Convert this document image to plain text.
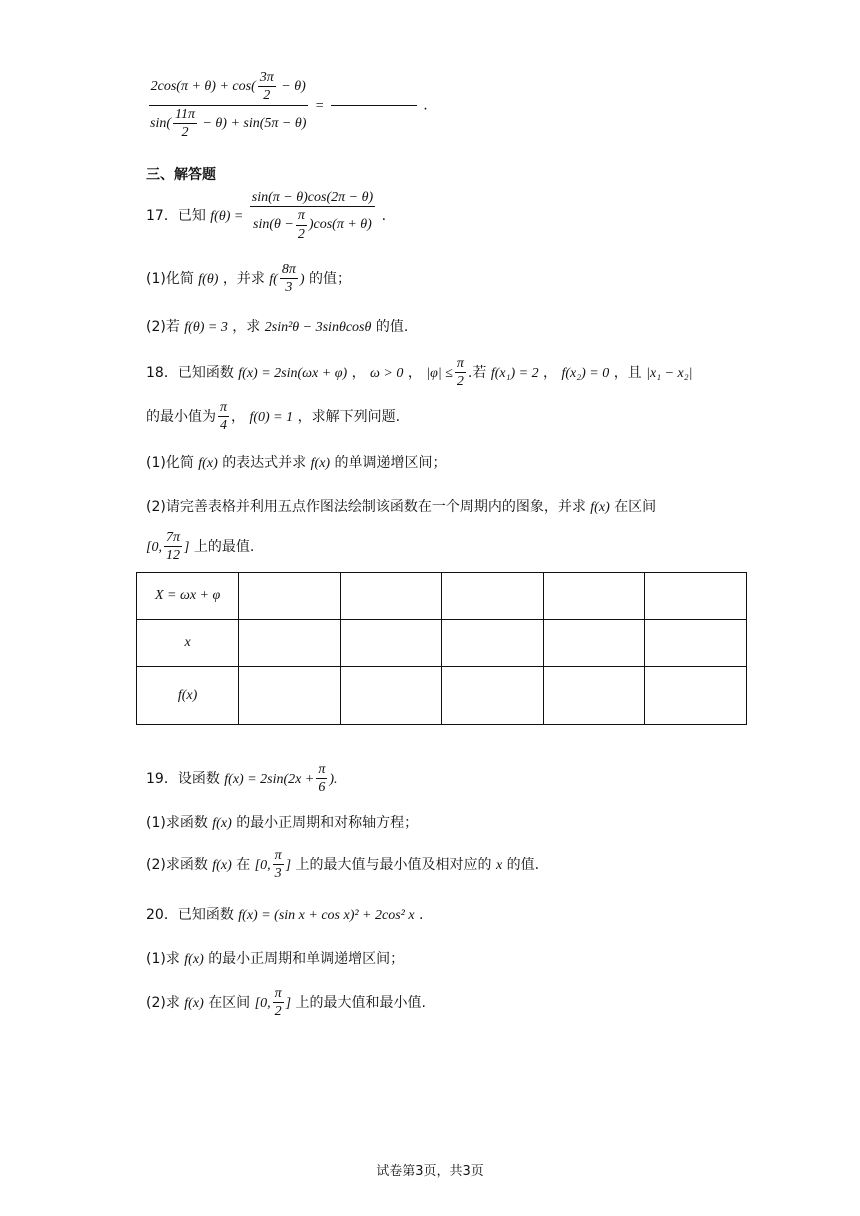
$\frac{2\cos(\pi + \theta) + \cos( \frac{3\pi}{2} - \theta)}{\sin( \frac{11\pi}{2} - \theta) + \sin(5\pi - \theta)}$ =	.
三、解答题
17．已知 $f(\theta) = \frac{\sin(\pi - \theta)\cos(2\pi - \theta)}{\sin(\theta - \frac{\pi}{2} )\cos(\pi + \theta)}$ .
(1)化简 f(θ) ，并求 $f( \frac{8\pi}{3}$ ) 的值；
(2)若 f(θ) = 3 ，求 2sin²θ − 3sinθcosθ 的值.
18．已知函数 f(x) = 2sin(ωx + φ) ， ω > 0 ， $|\varphi| \le \frac{\pi}{2}$ .若 f(x₁) = 2 ， f(x₂) = 0 ，且 |x₁ − x₂|
的最小值为 $\frac{\pi}{4}$ ， f(0) = 1 ，求解下列问题.
(1)化简 f(x) 的表达式并求 f(x) 的单调递增区间；
(2)请完善表格并利用五点作图法绘制该函数在一个周期内的图象，并求 f(x) 在区间
[0, $\frac{7\pi}{12}$ ] 上的最值.
X = ωx + φ					
x					
f(x)					
19．设函数 $f(x) = 2\sin(2x + \frac{\pi}{6}$ ).
(1)求函数 f(x) 的最小正周期和对称轴方程；
(2)求函数 f(x) 在 [0, $\frac{\pi}{3}$ ] 上的最大值与最小值及相对应的 x 的值.
20．已知函数 f(x) = (sin x + cos x)² + 2cos² x .
(1)求 f(x) 的最小正周期和单调递增区间；
(2)求 f(x) 在区间 [0, $\frac{\pi}{2}$ ] 上的最大值和最小值.
试卷第3页，共3页
